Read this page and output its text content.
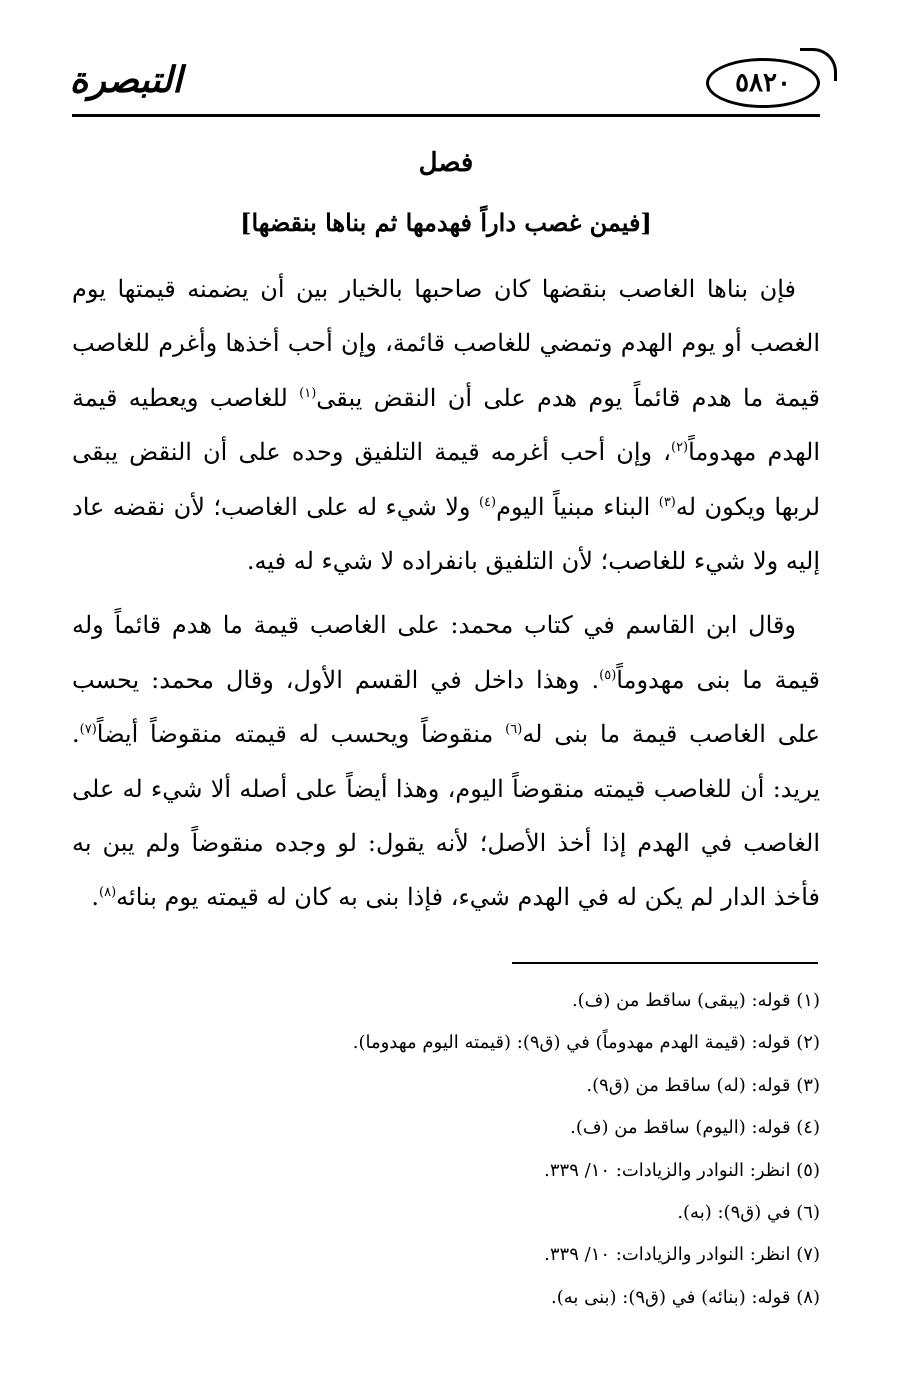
٥٨٢٠
التبصرة
فصل
[فيمن غصب داراً فهدمها ثم بناها بنقضها]

فإن بناها الغاصب بنقضها كان صاحبها بالخيار بين أن يضمنه قيمتها يوم الغصب أو يوم الهدم وتمضي للغاصب قائمة، وإن أحب أخذها وأغرم للغاصب قيمة ما هدم قائماً يوم هدم على أن النقض يبقى$^{(١)}$ للغاصب ويعطيه قيمة الهدم مهدوماً$^{(٢)}$، وإن أحب أغرمه قيمة التلفيق وحده على أن النقض يبقى لربها ويكون له$^{(٣)}$ البناء مبنياً اليوم$^{(٤)}$ ولا شيء له على الغاصب؛ لأن نقضه عاد إليه ولا شيء للغاصب؛ لأن التلفيق بانفراده لا شيء له فيه.

وقال ابن القاسم في كتاب محمد: على الغاصب قيمة ما هدم قائماً وله قيمة ما بنى مهدوماً$^{(٥)}$. وهذا داخل في القسم الأول، وقال محمد: يحسب على الغاصب قيمة ما بنى له$^{(٦)}$ منقوضاً ويحسب له قيمته منقوضاً أيضاً$^{(٧)}$. يريد: أن للغاصب قيمته منقوضاً اليوم، وهذا أيضاً على أصله ألا شيء له على الغاصب في الهدم إذا أخذ الأصل؛ لأنه يقول: لو وجده منقوضاً ولم يبن به فأخذ الدار لم يكن له في الهدم شيء، فإذا بنى به كان له قيمته يوم بنائه$^{(٨)}$.

(١) قوله: (يبقى) ساقط من (ف).
(٢) قوله: (قيمة الهدم مهدوماً) في (ق٩): (قيمته اليوم مهدوما).
(٣) قوله: (له) ساقط من (ق٩).
(٤) قوله: (اليوم) ساقط من (ف).
(٥) انظر: النوادر والزيادات: ١٠/ ٣٣٩.
(٦) في (ق٩): (به).
(٧) انظر: النوادر والزيادات: ١٠/ ٣٣٩.
(٨) قوله: (بنائه) في (ق٩): (بنى به).
